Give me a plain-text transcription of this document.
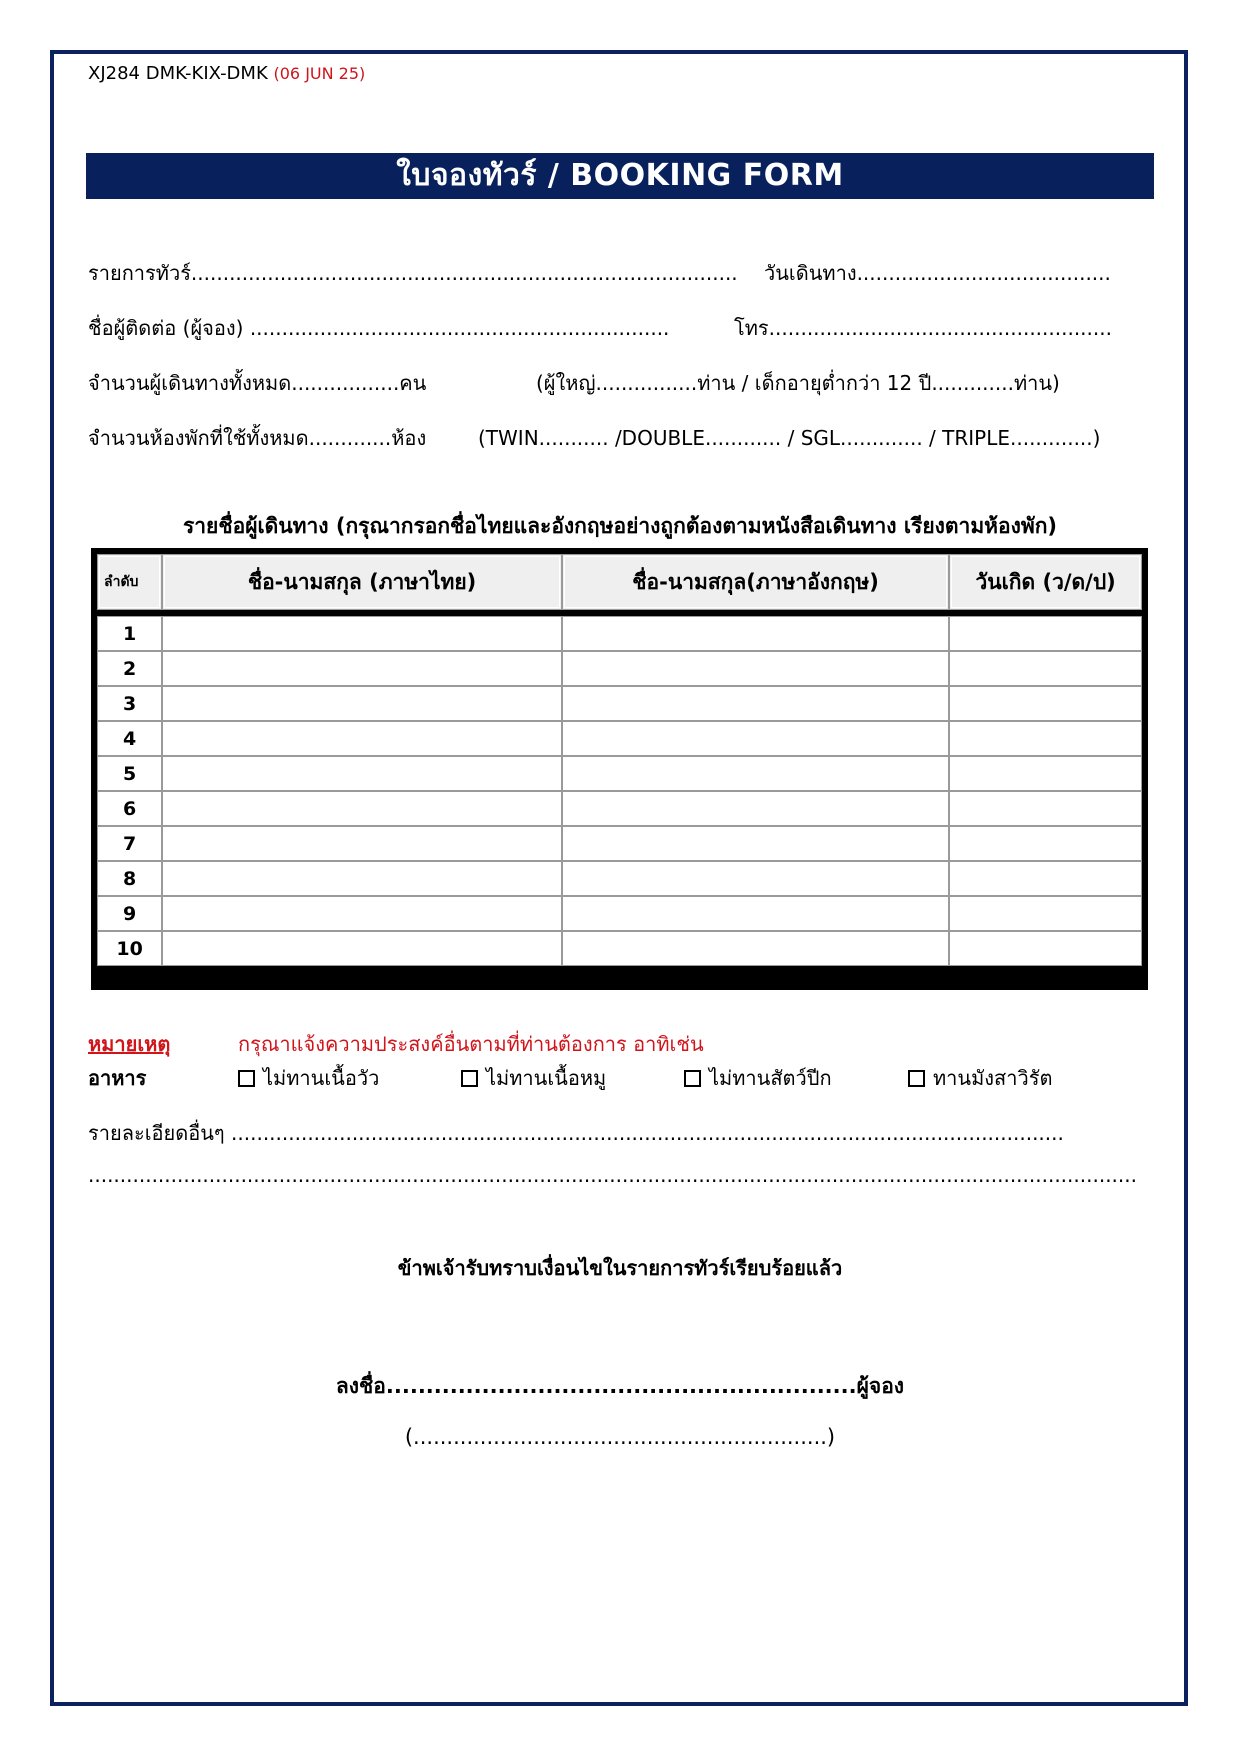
XJ284 DMK-KIX-DMK (06 JUN 25)
ใบจองทัวร์ / BOOKING FORM
รายการทัวร์...................................................................................... วันเดินทาง........................................
ชื่อผู้ติดต่อ (ผู้จอง) ..................................................................	โทร......................................................
จำนวนผู้เดินทางทั้งหมด.................คน	(ผู้ใหญ่................ท่าน / เด็กอายุต่ำกว่า 12 ปี.............ท่าน)
จำนวนห้องพักที่ใช้ทั้งหมด.............ห้อง	(TWIN........... /DOUBLE............ / SGL............. / TRIPLE.............)
รายชื่อผู้เดินทาง (กรุณากรอกชื่อไทยและอังกฤษอย่างถูกต้องตามหนังสือเดินทาง เรียงตามห้องพัก)
ลำดับ	ชื่อ-นามสกุล (ภาษาไทย)	ชื่อ-นามสกุล(ภาษาอังกฤษ)	วันเกิด (ว/ด/ป)

1			
2			
3			
4			
5			
6			
7			
8			
9			
10			
หมายเหตุ	กรุณาแจ้งความประสงค์อื่นตามที่ท่านต้องการ อาทิเช่น
อาหาร	ไม่ทานเนื้อวัว	ไม่ทานเนื้อหมู	ไม่ทานสัตว์ปีก	ทานมังสาวิรัต
รายละเอียดอื่นๆ ...................................................................................................................................
.....................................................................................................................................................................
ข้าพเจ้ารับทราบเงื่อนไขในรายการทัวร์เรียบร้อยแล้ว
ลงชื่อ...........................................................ผู้จอง
(..............................................................)
